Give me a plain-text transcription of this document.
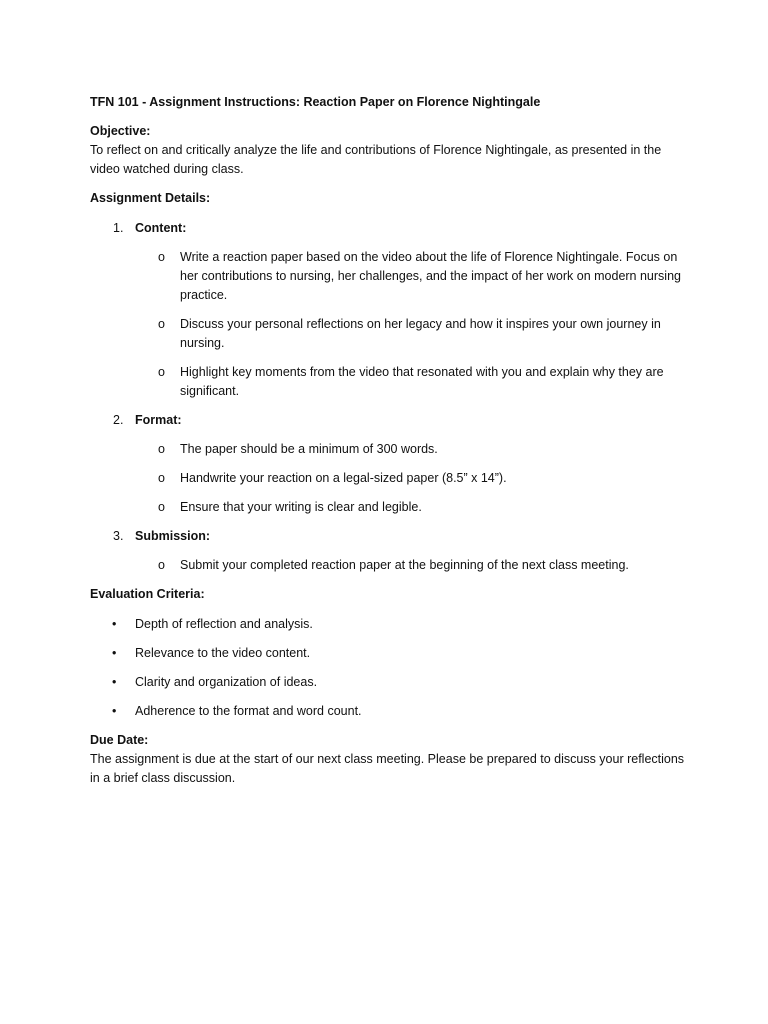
TFN 101 - Assignment Instructions: Reaction Paper on Florence Nightingale

Objective:

To reflect on and critically analyze the life and contributions of Florence Nightingale, as presented in the video watched during class.

Assignment Details:

1. Content:

o Write a reaction paper based on the video about the life of Florence Nightingale. Focus on her contributions to nursing, her challenges, and the impact of her work on modern nursing practice.
o Discuss your personal reflections on her legacy and how it inspires your own journey in nursing.
o Highlight key moments from the video that resonated with you and explain why they are significant.
2. Format:

o The paper should be a minimum of 300 words.
o Handwrite your reaction on a legal-sized paper (8.5” x 14”).
o Ensure that your writing is clear and legible.
3. Submission:

o Submit your completed reaction paper at the beginning of the next class meeting.

Evaluation Criteria:

• Depth of reflection and analysis.
• Relevance to the video content.
• Clarity and organization of ideas.
• Adherence to the format and word count.

Due Date:

The assignment is due at the start of our next class meeting. Please be prepared to discuss your reflections in a brief class discussion.
